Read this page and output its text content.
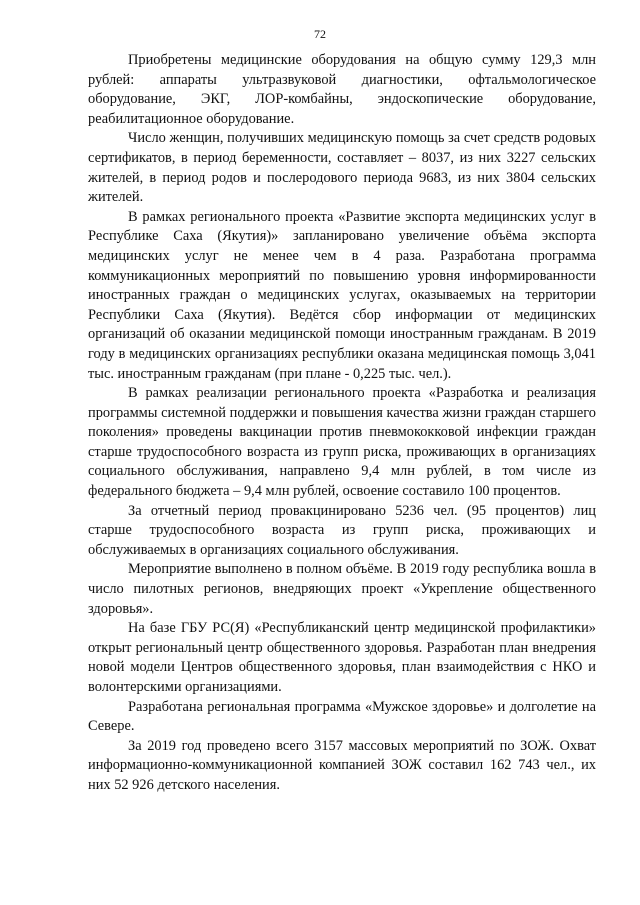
72

Приобретены медицинские оборудования на общую сумму 129,3 млн рублей: аппараты ультразвуковой диагностики, офтальмологическое оборудование, ЭКГ, ЛОР-комбайны, эндоскопические оборудование, реабилитационное оборудование.

Число женщин, получивших медицинскую помощь за счет средств родовых сертификатов, в период беременности, составляет – 8037, из них 3227 сельских жителей, в период родов и послеродового периода 9683, из них 3804 сельских жителей.

В рамках регионального проекта «Развитие экспорта медицинских услуг в Республике Саха (Якутия)» запланировано увеличение объёма экспорта медицинских услуг не менее чем в 4 раза. Разработана программа коммуникационных мероприятий по повышению уровня информированности иностранных граждан о медицинских услугах, оказываемых на территории Республики Саха (Якутия). Ведётся сбор информации от медицинских организаций об оказании медицинской помощи иностранным гражданам. В 2019 году в медицинских организациях республики оказана медицинская помощь 3,041 тыс. иностранным гражданам (при плане - 0,225 тыс. чел.).

В рамках реализации регионального проекта «Разработка и реализация программы системной поддержки и повышения качества жизни граждан старшего поколения» проведены вакцинации против пневмококковой инфекции граждан старше трудоспособного возраста из групп риска, проживающих в организациях социального обслуживания, направлено 9,4 млн рублей, в том числе из федерального бюджета – 9,4 млн рублей, освоение составило 100 процентов.

За отчетный период провакцинировано 5236 чел. (95 процентов) лиц старше трудоспособного возраста из групп риска, проживающих и обслуживаемых в организациях социального обслуживания.

Мероприятие выполнено в полном объёме. В 2019 году республика вошла в число пилотных регионов, внедряющих проект «Укрепление общественного здоровья».

На базе ГБУ РС(Я) «Республиканский центр медицинской профилактики» открыт региональный центр общественного здоровья. Разработан план внедрения новой модели Центров общественного здоровья, план взаимодействия с НКО и волонтерскими организациями.

Разработана региональная программа «Мужское здоровье» и долголетие на Севере.

За 2019 год проведено всего 3157 массовых мероприятий по ЗОЖ. Охват информационно-коммуникационной компанией ЗОЖ составил 162 743 чел., их них 52 926 детского населения.
